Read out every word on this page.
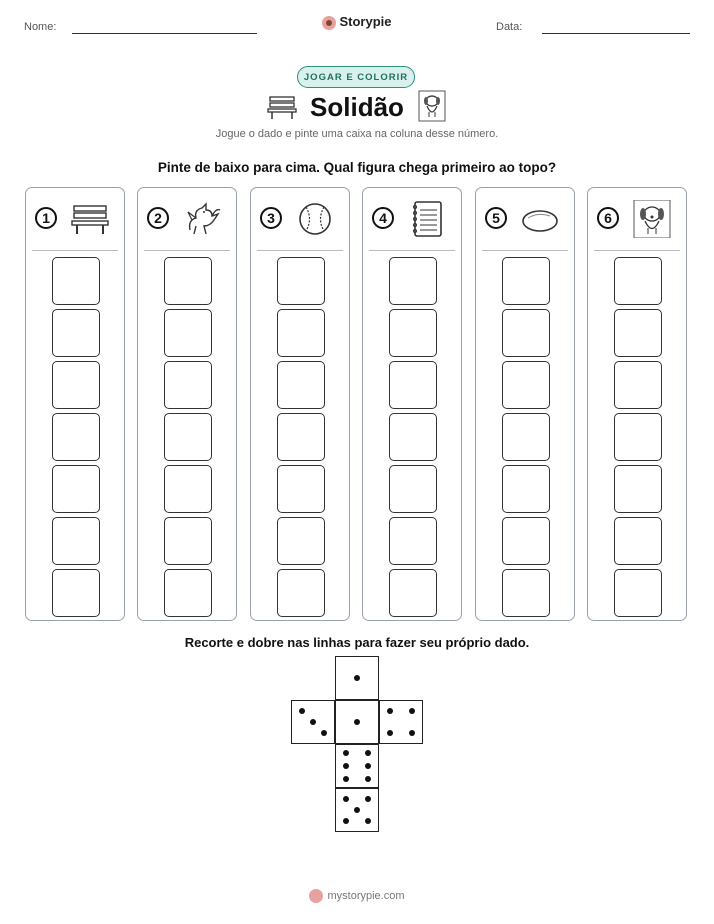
Nome:	Storypie	Data:
JOGAR E COLORIR
Solidão
Jogue o dado e pinte uma caixa na coluna desse número.
Pinte de baixo para cima. Qual figura chega primeiro ao topo?
1	2	3	4	5	6
Recorte e dobre nas linhas para fazer seu próprio dado.
mystorypie.com
